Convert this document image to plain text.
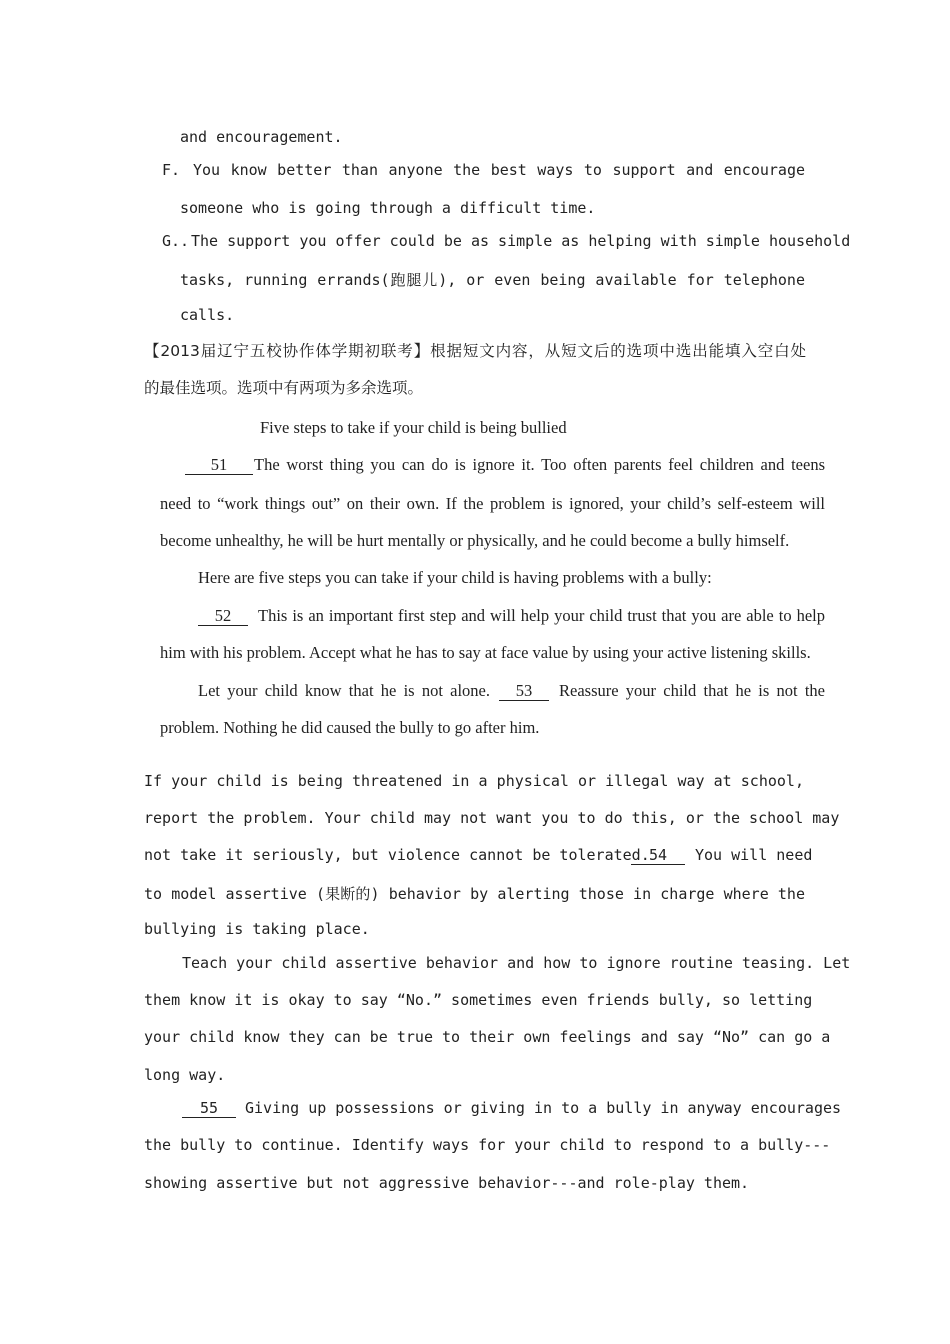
and encouragement.
F. You know better than anyone the best ways to support and encourage
someone who is going through a difficult time.
G.. The support you offer could be as simple as helping with simple household
tasks, running errands(跑腿儿), or even being available for telephone
calls.
【2013届辽宁五校协作体学期初联考】根据短文内容，从短文后的选项中选出能填入空白处
的最佳选项。选项中有两项为多余选项。
Five steps to take if your child is being bullied
51	The worst thing you can do is ignore it. Too often parents feel children and teens
need to “work things out” on their own. If the problem is ignored, your child’s self-esteem will
become unhealthy, he will be hurt mentally or physically, and he could become a bully himself.
Here are five steps you can take if your child is having problems with a bully:
52	This is an important first step and will help your child trust that you are able to help
him with his problem. Accept what he has to say at face value by using your active listening skills.
Let your child know that he is not alone.	53	Reassure your child that he is not the
problem. Nothing he did caused the bully to go after him.
If your child is being threatened in a physical or illegal way at school,
report the problem. Your child may not want you to do this, or the school may
not take it seriously, but violence cannot be tolerated. 54	You will need
to model assertive (果断的) behavior by alerting those in charge where the
bullying is taking place.
Teach your child assertive behavior and how to ignore routine teasing. Let
them know it is okay to say “No.” sometimes even friends bully, so letting
your child know they can be true to their own feelings and say “No” can go a
long way.
55	Giving up possessions or giving in to a bully in anyway encourages
the bully to continue. Identify ways for your child to respond to a bully---
showing assertive but not aggressive behavior---and role-play them.
